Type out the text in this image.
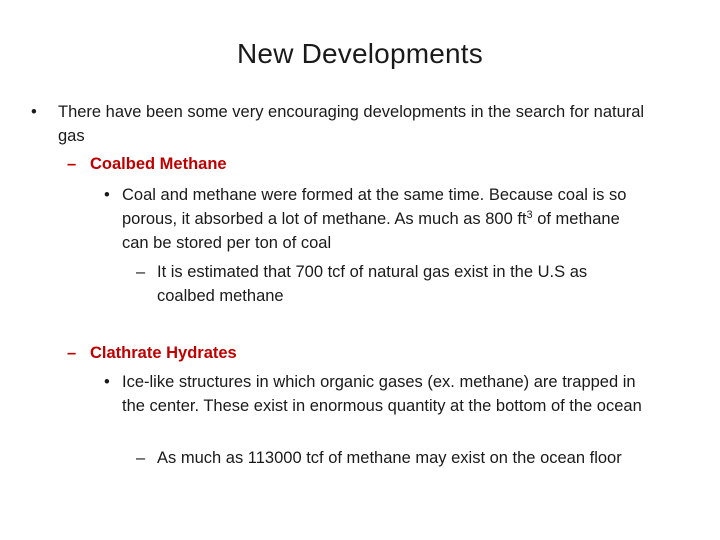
New Developments
• There have been some very encouraging developments in the search for natural gas
– Coalbed Methane
• Coal and methane were formed at the same time. Because coal is so porous, it absorbed a lot of methane. As much as 800 $ft^3$ of methane can be stored per ton of coal
– It is estimated that 700 tcf of natural gas exist in the U.S as coalbed methane
– Clathrate Hydrates
• Ice-like structures in which organic gases (ex. methane) are trapped in the center. These exist in enormous quantity at the bottom of the ocean
– As much as 113000 tcf of methane may exist on the ocean floor
